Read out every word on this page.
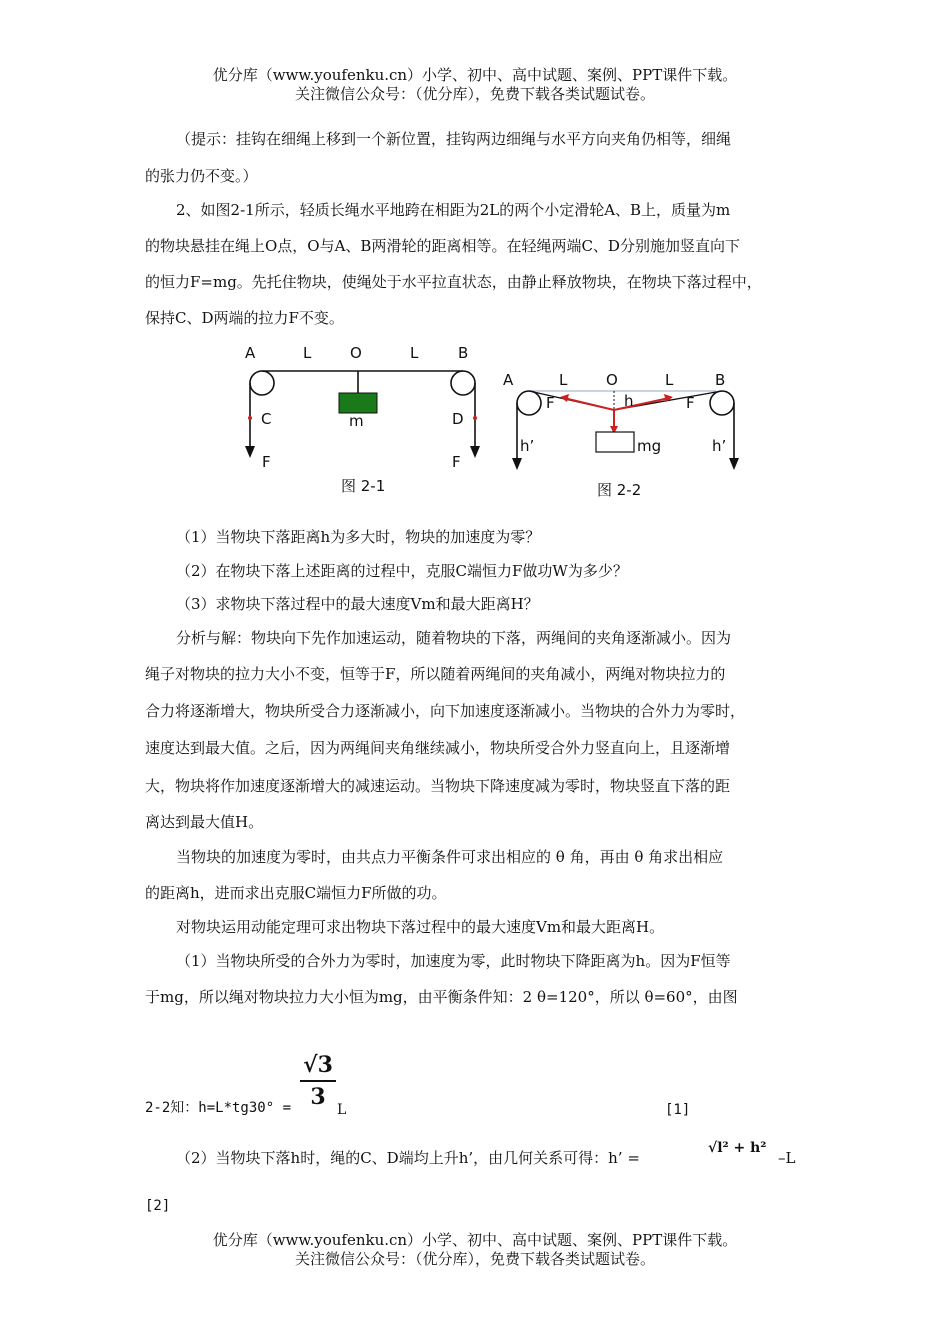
优分库（www.youfenku.cn）小学、初中、高中试题、案例、PPT课件下载。
关注微信公众号：（优分库），免费下载各类试题试卷。
（提示：挂钩在细绳上移到一个新位置，挂钩两边细绳与水平方向夹角仍相等，细绳
的张力仍不变。）
2、如图2-1所示，轻质长绳水平地跨在相距为2L的两个小定滑轮A、B上，质量为m
的物块悬挂在绳上O点，O与A、B两滑轮的距离相等。在轻绳两端C、D分别施加竖直向下
的恒力F=mg。先托住物块，使绳处于水平拉直状态，由静止释放物块，在物块下落过程中，
保持C、D两端的拉力F不变。
A	L	O	L	B
C	D
m
F	F
图 2-1
A	L	O	L	B
F	h	F
mg
h’	h’
图 2-2
（1）当物块下落距离h为多大时，物块的加速度为零？
（2）在物块下落上述距离的过程中，克服C端恒力F做功W为多少？
（3）求物块下落过程中的最大速度Vm和最大距离H？
分析与解：物块向下先作加速运动，随着物块的下落，两绳间的夹角逐渐减小。因为
绳子对物块的拉力大小不变，恒等于F，所以随着两绳间的夹角减小，两绳对物块拉力的
合力将逐渐增大，物块所受合力逐渐减小，向下加速度逐渐减小。当物块的合外力为零时，
速度达到最大值。之后，因为两绳间夹角继续减小，物块所受合外力竖直向上，且逐渐增
大，物块将作加速度逐渐增大的减速运动。当物块下降速度减为零时，物块竖直下落的距
离达到最大值H。
当物块的加速度为零时，由共点力平衡条件可求出相应的 θ 角，再由 θ 角求出相应
的距离h，进而求出克服C端恒力F所做的功。
对物块运用动能定理可求出物块下落过程中的最大速度Vm和最大距离H。
（1）当物块所受的合外力为零时，加速度为零，此时物块下降距离为h。因为F恒等
于mg，所以绳对物块拉力大小恒为mg，由平衡条件知：2 θ=120°，所以 θ=60°，由图
2-2知：h=L*tg30° =
√3
3 L	[1]
（2）当物块下落h时，绳的C、D端均上升h’，由几何关系可得：h’ =
√l² + h²
–L
[2]
优分库（www.youfenku.cn）小学、初中、高中试题、案例、PPT课件下载。
关注微信公众号：（优分库），免费下载各类试题试卷。
